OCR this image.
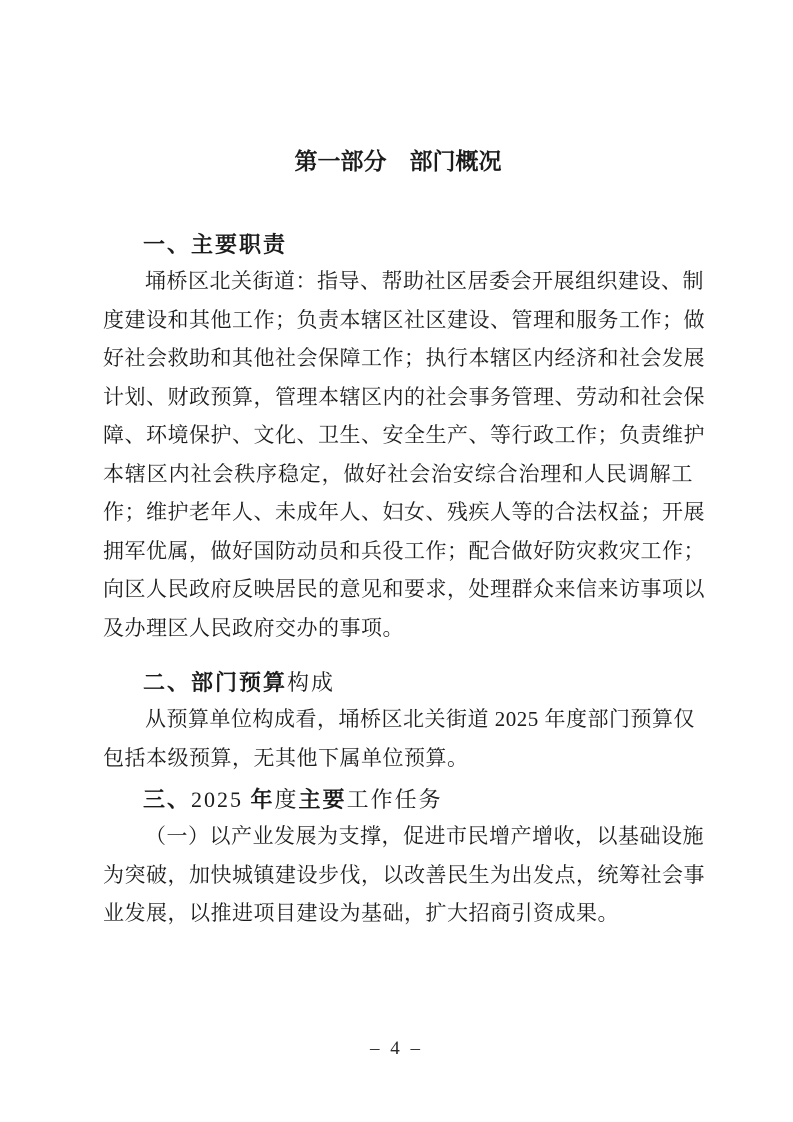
第一部分　部门概况
一、主要职责
埇桥区北关街道：指导、帮助社区居委会开展组织建设、制
度建设和其他工作；负责本辖区社区建设、管理和服务工作；做
好社会救助和其他社会保障工作；执行本辖区内经济和社会发展
计划、财政预算，管理本辖区内的社会事务管理、劳动和社会保
障、环境保护、文化、卫生、安全生产、等行政工作；负责维护
本辖区内社会秩序稳定，做好社会治安综合治理和人民调解工
作；维护老年人、未成年人、妇女、残疾人等的合法权益；开展
拥军优属，做好国防动员和兵役工作；配合做好防灾救灾工作；
向区人民政府反映居民的意见和要求，处理群众来信来访事项以
及办理区人民政府交办的事项。
二、部门预算构成
从预算单位构成看，埇桥区北关街道 2025 年度部门预算仅
包括本级预算，无其他下属单位预算。
三、2025 年度主要工作任务
（一）以产业发展为支撑，促进市民增产增收，以基础设施
为突破，加快城镇建设步伐，以改善民生为出发点，统筹社会事
业发展，以推进项目建设为基础，扩大招商引资成果。
– 4 –
